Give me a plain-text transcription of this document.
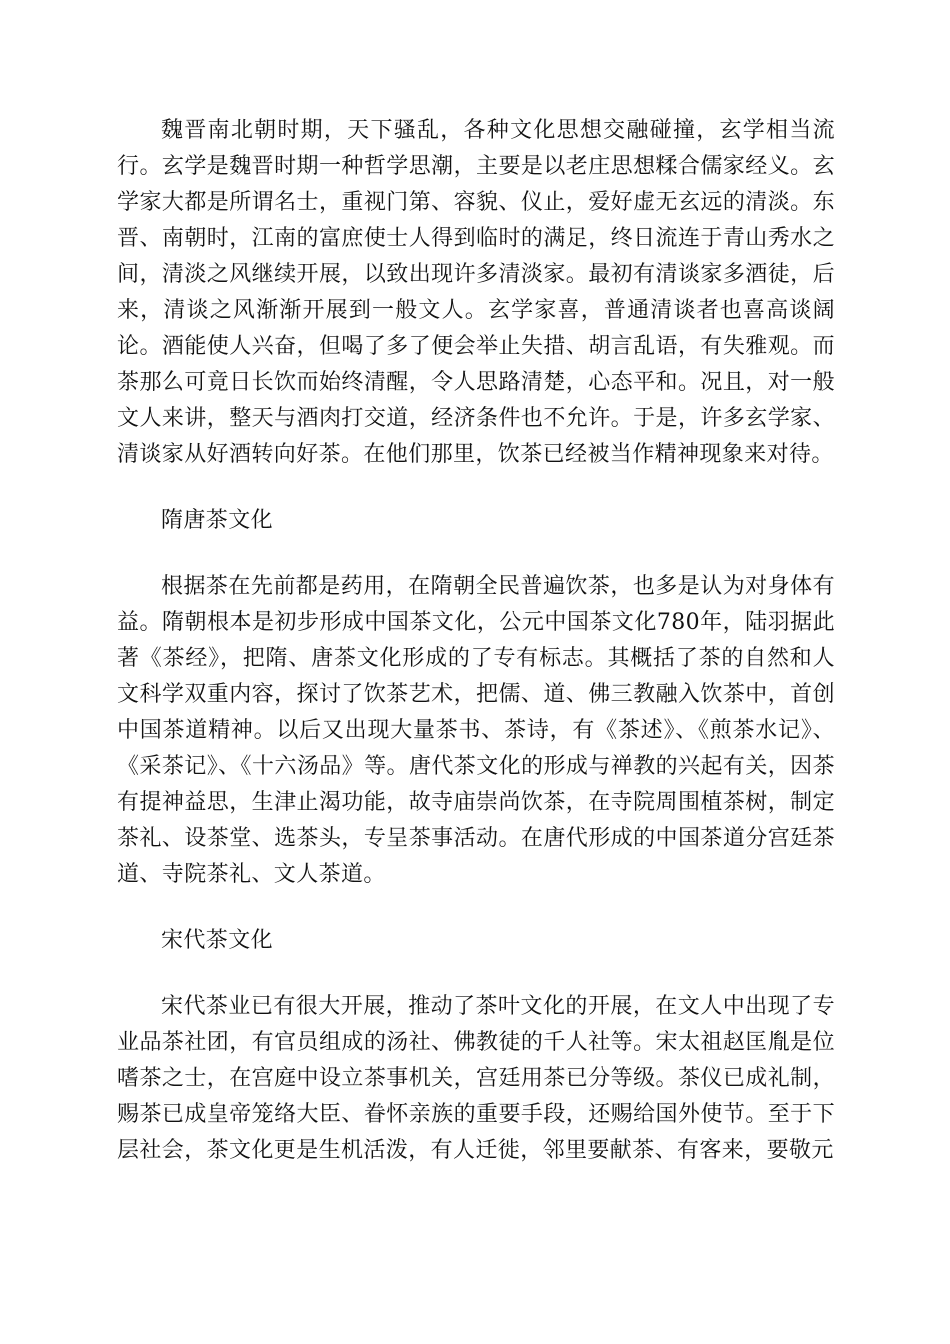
魏晋南北朝时期，天下骚乱，各种文化思想交融碰撞，玄学相当流行。玄学是魏晋时期一种哲学思潮，主要是以老庄思想糅合儒家经义。玄学家大都是所谓名士，重视门第、容貌、仪止，爱好虚无玄远的清淡。东晋、南朝时，江南的富庶使士人得到临时的满足，终日流连于青山秀水之间，清淡之风继续开展，以致出现许多清淡家。最初有清谈家多酒徒，后来，清谈之风渐渐开展到一般文人。玄学家喜，普通清谈者也喜高谈阔论。酒能使人兴奋，但喝了多了便会举止失措、胡言乱语，有失雅观。而茶那么可竟日长饮而始终清醒，令人思路清楚，心态平和。况且，对一般文人来讲，整天与酒肉打交道，经济条件也不允许。于是，许多玄学家、清谈家从好酒转向好茶。在他们那里，饮茶已经被当作精神现象来对待。

隋唐茶文化

根据茶在先前都是药用，在隋朝全民普遍饮茶，也多是认为对身体有益。隋朝根本是初步形成中国茶文化，公元中国茶文化780年，陆羽据此著《茶经》，把隋、唐茶文化形成的了专有标志。其概括了茶的自然和人文科学双重内容，探讨了饮茶艺术，把儒、道、佛三教融入饮茶中，首创中国茶道精神。以后又出现大量茶书、茶诗，有《茶述》、《煎茶水记》、《采茶记》、《十六汤品》等。唐代茶文化的形成与禅教的兴起有关，因茶有提神益思，生津止渴功能，故寺庙崇尚饮茶，在寺院周围植茶树，制定茶礼、设茶堂、选茶头，专呈茶事活动。在唐代形成的中国茶道分宫廷茶道、寺院茶礼、文人茶道。

宋代茶文化

宋代茶业已有很大开展，推动了茶叶文化的开展，在文人中出现了专业品茶社团，有官员组成的汤社、佛教徒的千人社等。宋太祖赵匡胤是位嗜茶之士，在宫庭中设立茶事机关，宫廷用茶已分等级。茶仪已成礼制，赐茶已成皇帝笼络大臣、眷怀亲族的重要手段，还赐给国外使节。至于下层社会，茶文化更是生机活泼，有人迁徙，邻里要献茶、有客来，要敬元
